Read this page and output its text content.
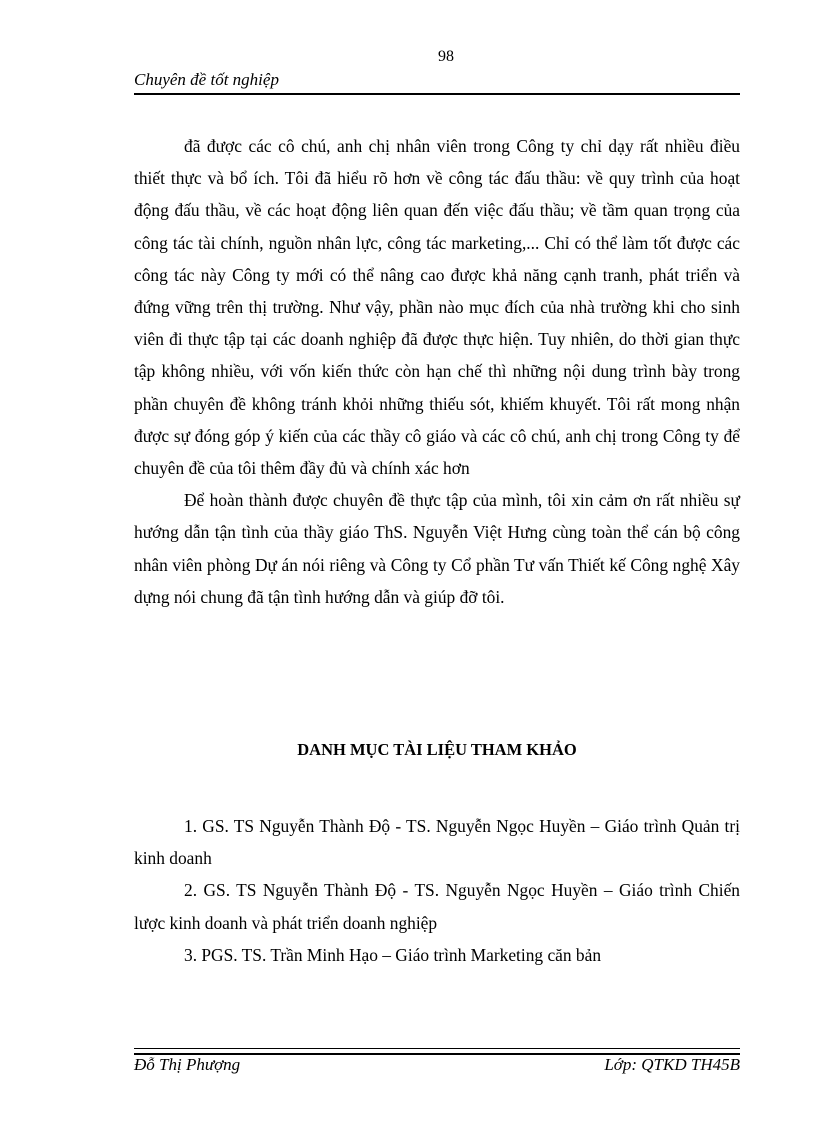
98
Chuyên đề tốt nghiệp

đã được các cô chú, anh chị nhân viên trong Công ty chỉ dạy rất nhiều điều thiết thực và bổ ích. Tôi đã hiểu rõ hơn về công tác đấu thầu: về quy trình của hoạt động đấu thầu, về các hoạt động liên quan đến việc đấu thầu; về tầm quan trọng của công tác tài chính, nguồn nhân lực, công tác marketing,... Chỉ có thể làm tốt được các công tác này Công ty mới có thể nâng cao được khả năng cạnh tranh, phát triển và đứng vững trên thị trường. Như vậy, phần nào mục đích của nhà trường khi cho sinh viên đi thực tập tại các doanh nghiệp đã được thực hiện. Tuy nhiên, do thời gian thực tập không nhiều, với vốn kiến thức còn hạn chế thì những nội dung trình bày trong phần chuyên đề không tránh khỏi những thiếu sót, khiếm khuyết. Tôi rất mong nhận được sự đóng góp ý kiến của các thầy cô giáo và các cô chú, anh chị trong Công ty để chuyên đề của tôi thêm đầy đủ và chính xác hơn

Để hoàn thành được chuyên đề thực tập của mình, tôi xin cảm ơn rất nhiều sự hướng dẫn tận tình của thầy giáo ThS. Nguyễn Việt Hưng cùng toàn thể cán bộ công nhân viên phòng Dự án nói riêng và Công ty Cổ phần Tư vấn Thiết kế Công nghệ Xây dựng nói chung đã tận tình hướng dẫn và giúp đỡ tôi.

DANH MỤC TÀI LIỆU THAM KHẢO

1. GS. TS Nguyễn Thành Độ - TS. Nguyễn Ngọc Huyền – Giáo trình Quản trị kinh doanh

2. GS. TS Nguyễn Thành Độ - TS. Nguyễn Ngọc Huyền – Giáo trình Chiến lược kinh doanh và phát triển doanh nghiệp

3. PGS. TS. Trần Minh Hạo – Giáo trình Marketing căn bản

Đỗ Thị Phượng	Lớp: QTKD TH45B
